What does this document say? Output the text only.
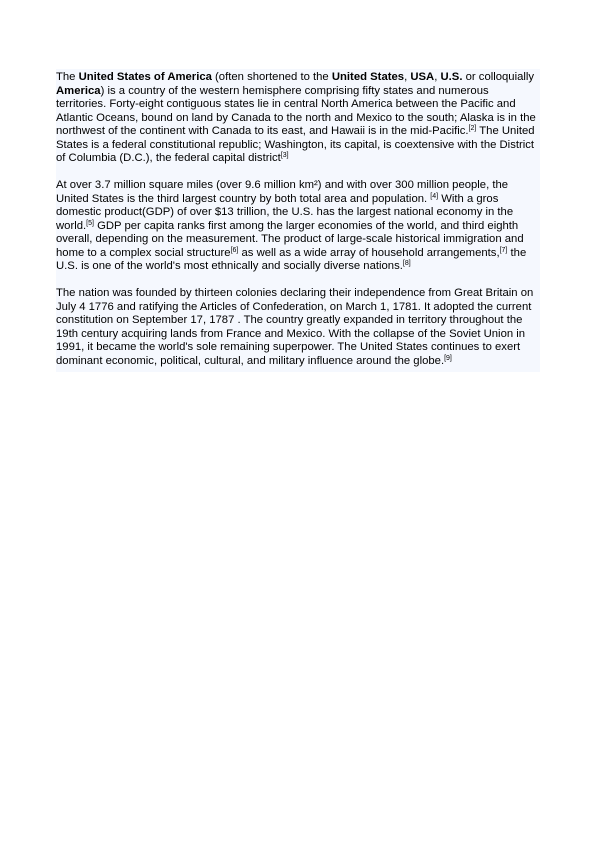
The United States of America (often shortened to the United States, USA, U.S. or colloquially America) is a country of the western hemisphere comprising fifty states and numerous territories. Forty-eight contiguous states lie in central North America between the Pacific and Atlantic Oceans, bound on land by Canada to the north and Mexico to the south; Alaska is in the northwest of the continent with Canada to its east, and Hawaii is in the mid-Pacific.[2] The United States is a federal constitutional republic; Washington, its capital, is coextensive with the District of Columbia (D.C.), the federal capital district[3]

At over 3.7 million square miles (over 9.6 million km²) and with over 300 million people, the United States is the third largest country by both total area and population. [4] With a gros domestic product(GDP) of over $13 trillion, the U.S. has the largest national economy in the world.[5] GDP per capita ranks first among the larger economies of the world, and third eighth overall, depending on the measurement. The product of large-scale historical immigration and home to a complex social structure[6] as well as a wide array of household arrangements,[7] the U.S. is one of the world's most ethnically and socially diverse nations.[8]

The nation was founded by thirteen colonies declaring their independence from Great Britain on July 4 1776 and ratifying the Articles of Confederation, on March 1, 1781. It adopted the current constitution on September 17, 1787 . The country greatly expanded in territory throughout the 19th century acquiring lands from France and Mexico. With the collapse of the Soviet Union in 1991, it became the world's sole remaining superpower. The United States continues to exert dominant economic, political, cultural, and military influence around the globe.[9]
